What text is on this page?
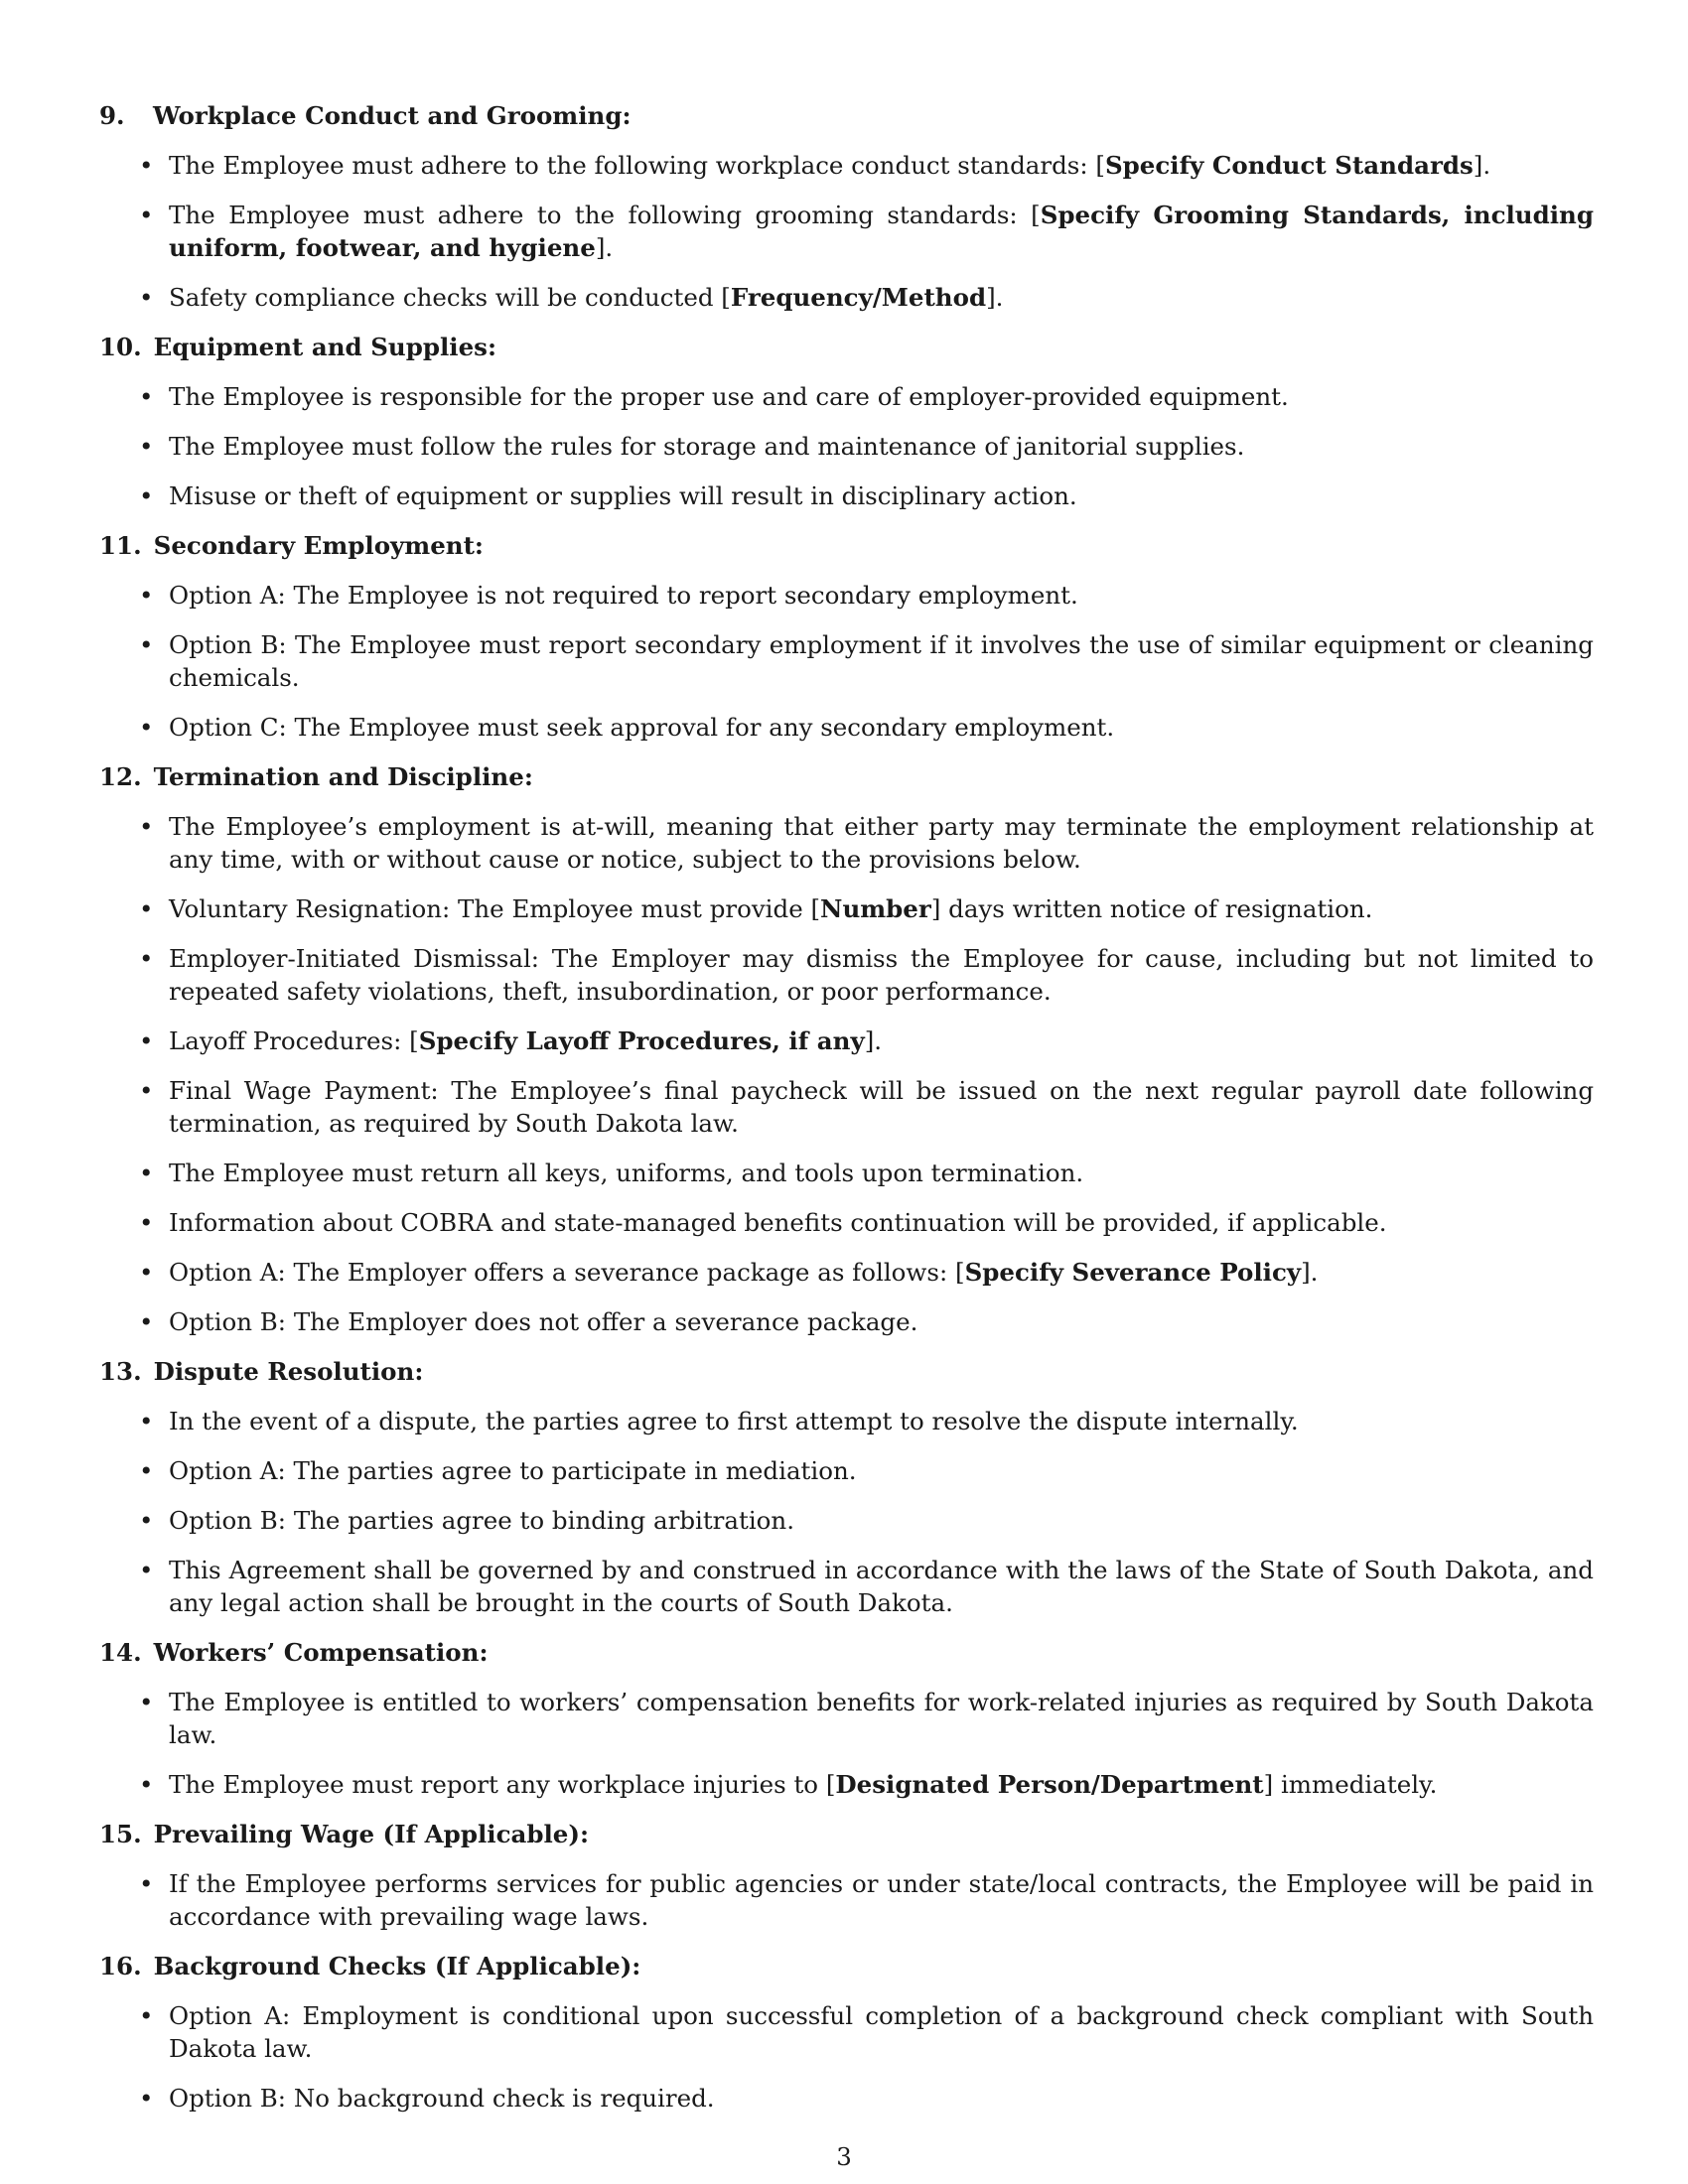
9.	Workplace Conduct and Grooming:
• The Employee must adhere to the following workplace conduct standards: [Specify Conduct Standards].
• The Employee must adhere to the following grooming standards: [Specify Grooming Standards, including uniform, footwear, and hygiene].
• Safety compliance checks will be conducted [Frequency/Method].
10. Equipment and Supplies:
• The Employee is responsible for the proper use and care of employer-provided equipment.
• The Employee must follow the rules for storage and maintenance of janitorial supplies.
• Misuse or theft of equipment or supplies will result in disciplinary action.
11. Secondary Employment:
• Option A: The Employee is not required to report secondary employment.
• Option B: The Employee must report secondary employment if it involves the use of similar equipment or cleaning chemicals.
• Option C: The Employee must seek approval for any secondary employment.
12. Termination and Discipline:
• The Employee’s employment is at-will, meaning that either party may terminate the employment relationship at any time, with or without cause or notice, subject to the provisions below.
• Voluntary Resignation: The Employee must provide [Number] days written notice of resignation.
• Employer-Initiated Dismissal: The Employer may dismiss the Employee for cause, including but not limited to repeated safety violations, theft, insubordination, or poor performance.
• Layoff Procedures: [Specify Layoff Procedures, if any].
• Final Wage Payment: The Employee’s final paycheck will be issued on the next regular payroll date following termination, as required by South Dakota law.
• The Employee must return all keys, uniforms, and tools upon termination.
• Information about COBRA and state-managed benefits continuation will be provided, if applicable.
• Option A: The Employer offers a severance package as follows: [Specify Severance Policy].
• Option B: The Employer does not offer a severance package.
13. Dispute Resolution:
• In the event of a dispute, the parties agree to first attempt to resolve the dispute internally.
• Option A: The parties agree to participate in mediation.
• Option B: The parties agree to binding arbitration.
• This Agreement shall be governed by and construed in accordance with the laws of the State of South Dakota, and any legal action shall be brought in the courts of South Dakota.
14. Workers’ Compensation:
• The Employee is entitled to workers’ compensation benefits for work-related injuries as required by South Dakota law.
• The Employee must report any workplace injuries to [Designated Person/Department] immediately.
15. Prevailing Wage (If Applicable):
• If the Employee performs services for public agencies or under state/local contracts, the Employee will be paid in accordance with prevailing wage laws.
16. Background Checks (If Applicable):
• Option A: Employment is conditional upon successful completion of a background check compliant with South Dakota law.
• Option B: No background check is required.
3
